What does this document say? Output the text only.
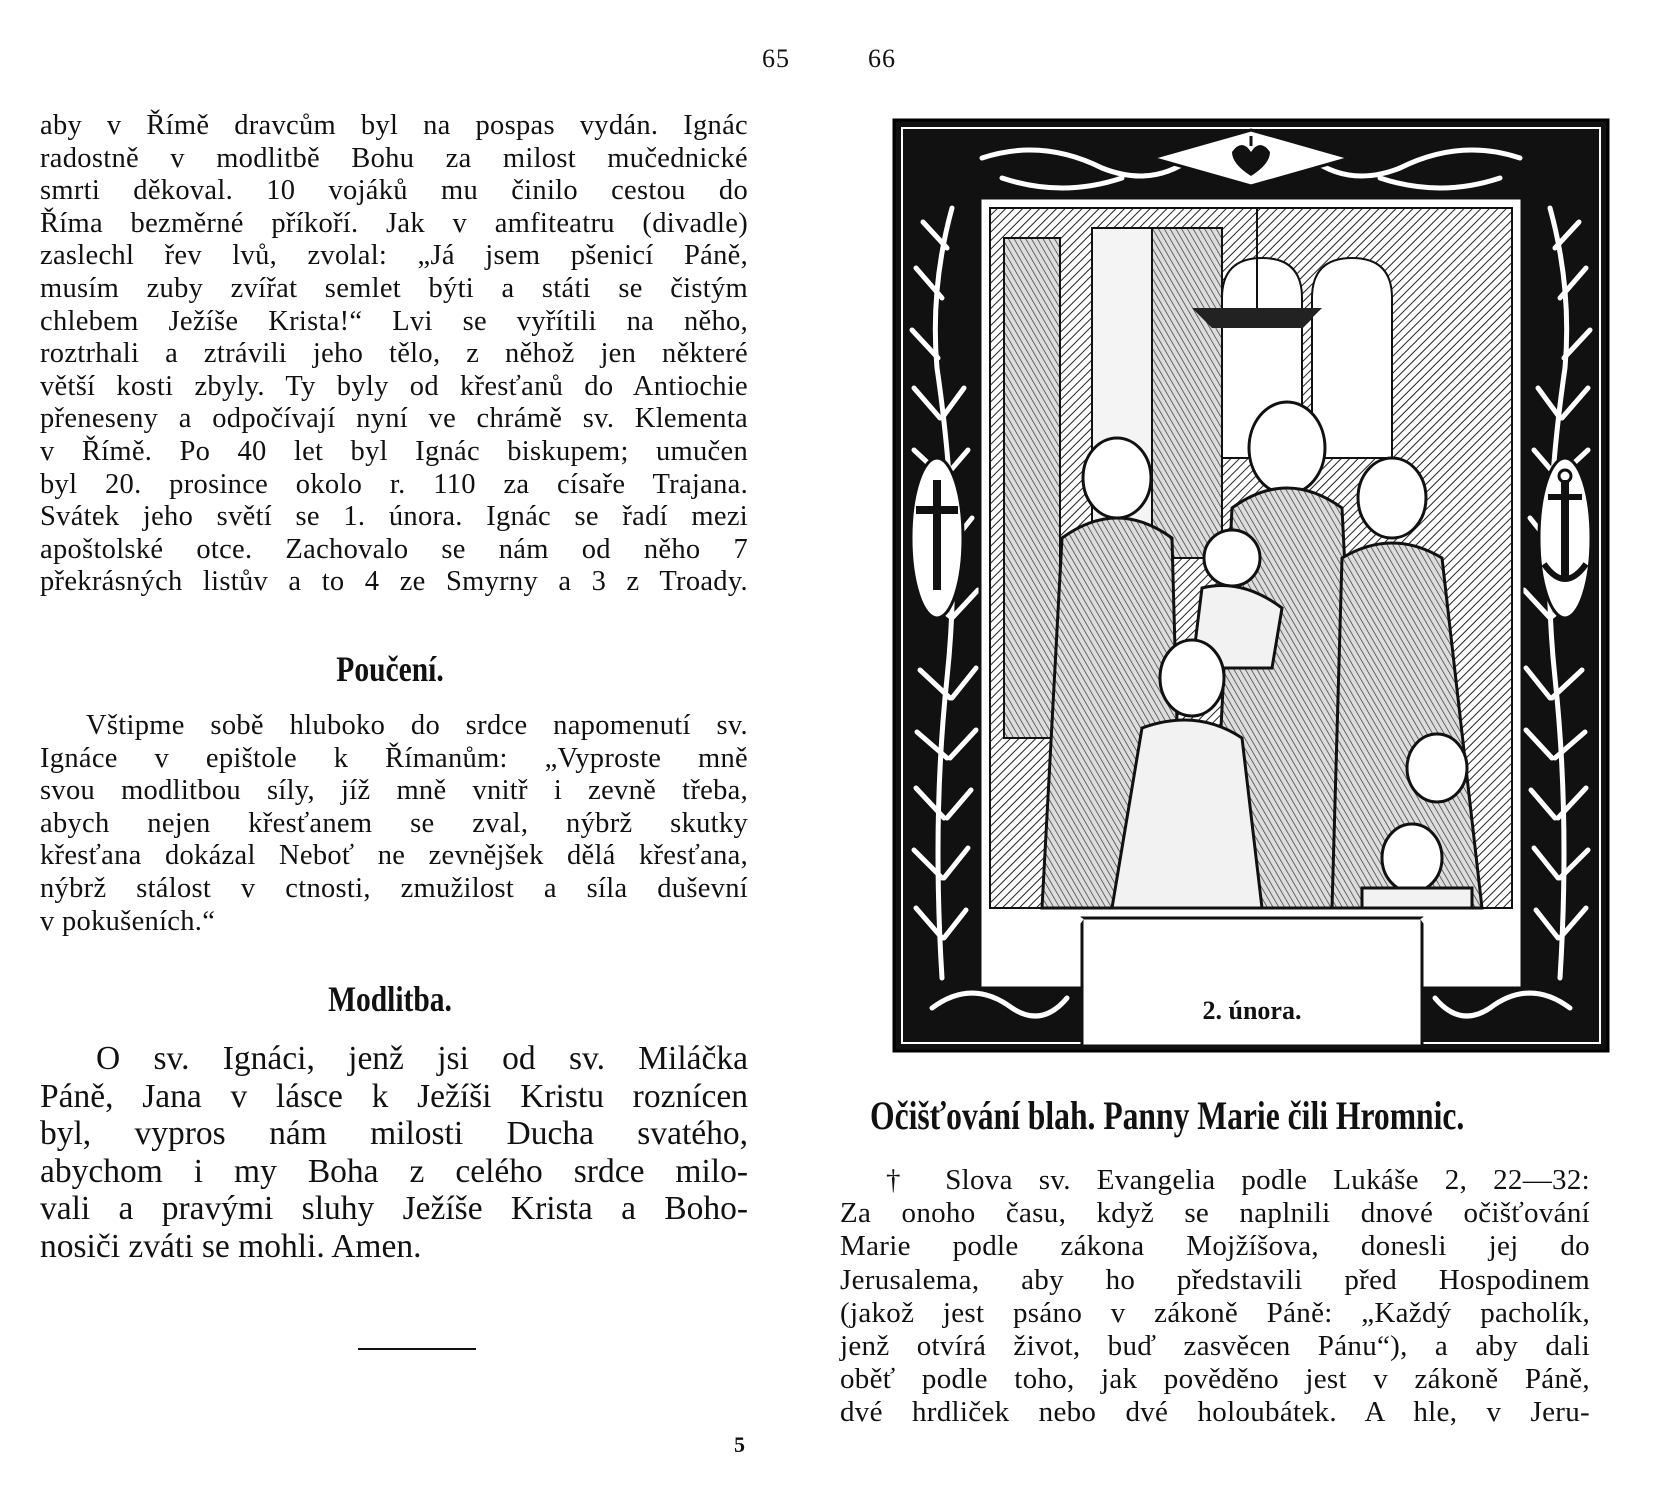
65
aby v Římě dravcům byl na pospas vydán. Ignác
radostně v modlitbě Bohu za milost mučednické
smrti děkoval. 10 vojáků mu činilo cestou do
Říma bezměrné příkoří. Jak v amfiteatru (divadle)
zaslechl řev lvů, zvolal: „Já jsem pšenicí Páně,
musím zuby zvířat semlet býti a státi se čistým
chlebem Ježíše Krista!“ Lvi se vyřítili na něho,
roztrhali a ztrávili jeho tělo, z něhož jen některé
větší kosti zbyly. Ty byly od křesťanů do Antiochie
přeneseny a odpočívají nyní ve chrámě sv. Klementa
v Římě. Po 40 let byl Ignác biskupem; umučen
byl 20. prosince okolo r. 110 za císaře Trajana.
Svátek jeho světí se 1. února. Ignác se řadí mezi
apoštolské otce. Zachovalo se nám od něho 7
překrásných listův a to 4 ze Smyrny a 3 z Troady.
Poučení.
Vštipme sobě hluboko do srdce napomenutí sv.
Ignáce v epištole k Římanům: „Vyproste mně
svou modlitbou síly, jíž mně vnitř i zevně třeba,
abych nejen křesťanem se zval, nýbrž skutky
křesťana dokázal Neboť ne zevnějšek dělá křesťana,
nýbrž stálost v ctnosti, zmužilost a síla duševní
v pokušeních.“
Modlitba.
O sv. Ignáci, jenž jsi od sv. Miláčka
Páně, Jana v lásce k Ježíši Kristu roznícen
byl, vypros nám milosti Ducha svatého,
abychom i my Boha z celého srdce milo-
vali a pravými sluhy Ježíše Krista a Boho-
nosiči zváti se mohli. Amen.
5
66
2. února.
Očišťování blah. Panny Marie čili Hromnic.
† Slova sv. Evangelia podle Lukáše 2, 22—32:
Za onoho času, když se naplnili dnové očišťování
Marie podle zákona Mojžíšova, donesli jej do
Jerusalema, aby ho představili před Hospodinem
(jakož jest psáno v zákoně Páně: „Každý pacholík,
jenž otvírá život, buď zasvěcen Pánu“), a aby dali
oběť podle toho, jak pověděno jest v zákoně Páně,
dvé hrdliček nebo dvé holoubátek. A hle, v Jeru-
